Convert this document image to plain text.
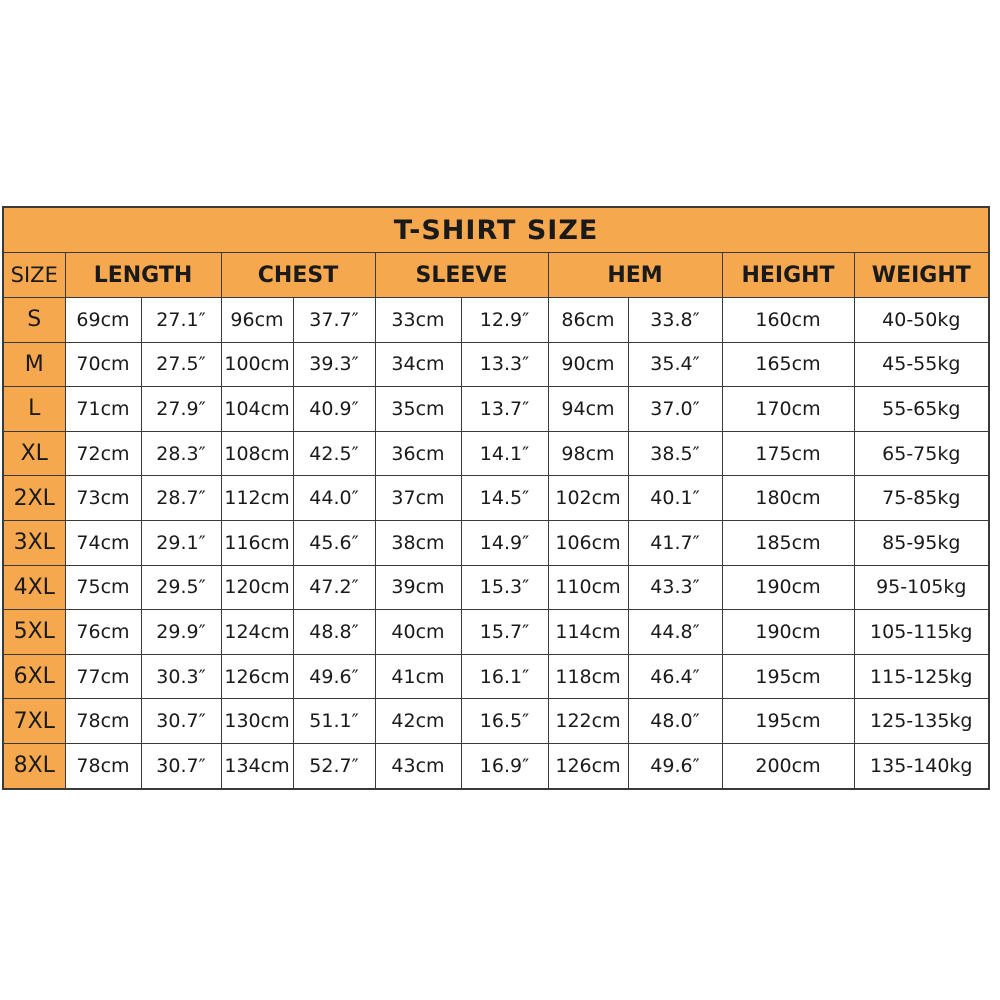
T-SHIRT SIZE										
SIZE	LENGTH		CHEST		SLEEVE		HEM		HEIGHT	WEIGHT
S	69cm	27.1″	96cm	37.7″	33cm	12.9″	86cm	33.8″	160cm	40-50kg
M	70cm	27.5″	100cm	39.3″	34cm	13.3″	90cm	35.4″	165cm	45-55kg
L	71cm	27.9″	104cm	40.9″	35cm	13.7″	94cm	37.0″	170cm	55-65kg
XL	72cm	28.3″	108cm	42.5″	36cm	14.1″	98cm	38.5″	175cm	65-75kg
2XL	73cm	28.7″	112cm	44.0″	37cm	14.5″	102cm	40.1″	180cm	75-85kg
3XL	74cm	29.1″	116cm	45.6″	38cm	14.9″	106cm	41.7″	185cm	85-95kg
4XL	75cm	29.5″	120cm	47.2″	39cm	15.3″	110cm	43.3″	190cm	95-105kg
5XL	76cm	29.9″	124cm	48.8″	40cm	15.7″	114cm	44.8″	190cm	105-115kg
6XL	77cm	30.3″	126cm	49.6″	41cm	16.1″	118cm	46.4″	195cm	115-125kg
7XL	78cm	30.7″	130cm	51.1″	42cm	16.5″	122cm	48.0″	195cm	125-135kg
8XL	78cm	30.7″	134cm	52.7″	43cm	16.9″	126cm	49.6″	200cm	135-140kg
